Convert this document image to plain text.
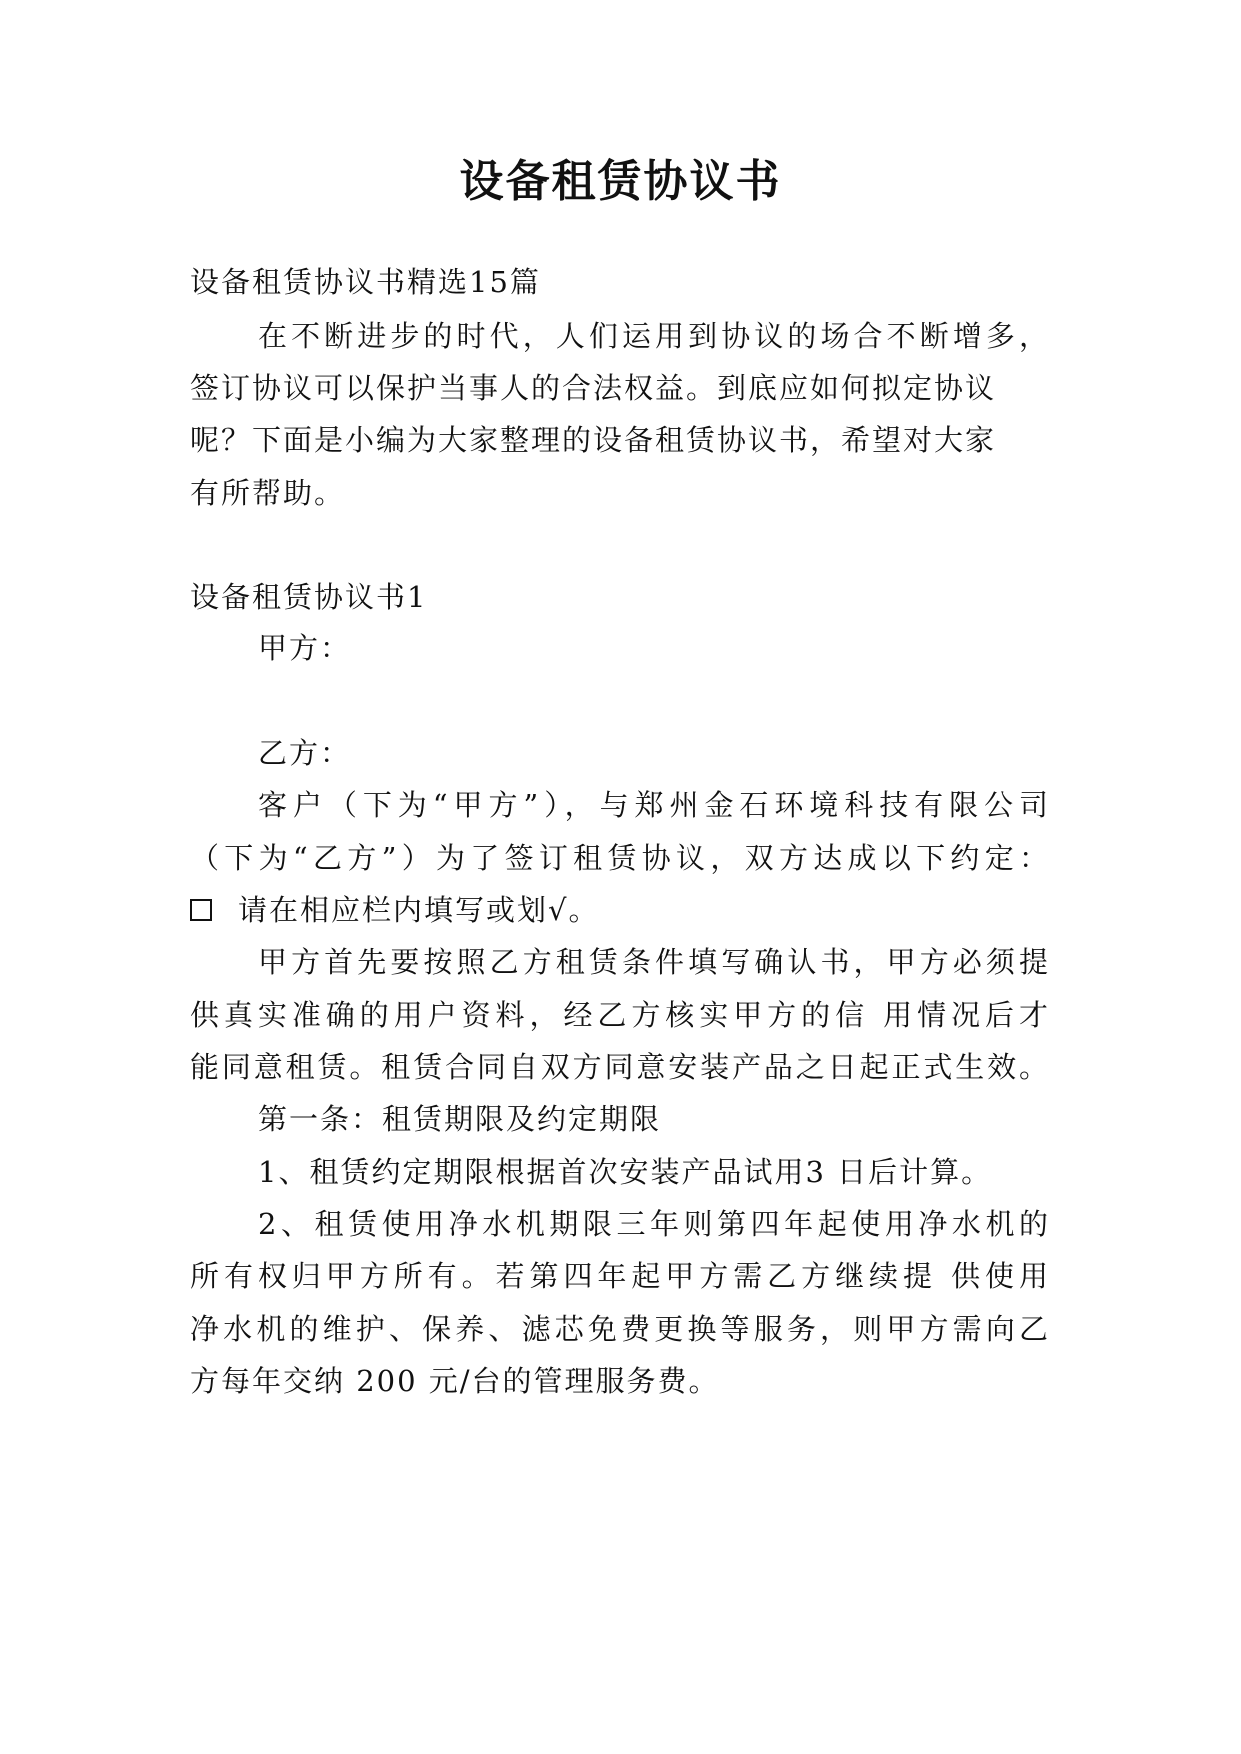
设备租赁协议书

设备租赁协议书精选15篇

在不断进步的时代，人们运用到协议的场合不断增多，

签订协议可以保护当事人的合法权益。到底应如何拟定协议

呢？下面是小编为大家整理的设备租赁协议书，希望对大家

有所帮助。

设备租赁协议书1

甲方：

乙方：

客户（下为“甲方”），与郑州金石环境科技有限公司

（下为“乙方”）为了签订租赁协议，双方达成以下约定：

请在相应栏内填写或划√。

甲方首先要按照乙方租赁条件填写确认书，甲方必须提

供真实准确的用户资料，经乙方核实甲方的信 用情况后才

能同意租赁。租赁合同自双方同意安装产品之日起正式生效。

第一条：租赁期限及约定期限

1、租赁约定期限根据首次安装产品试用3 日后计算。

2、租赁使用净水机期限三年则第四年起使用净水机的

所有权归甲方所有。若第四年起甲方需乙方继续提 供使用

净水机的维护、保养、滤芯免费更换等服务，则甲方需向乙

方每年交纳 200 元/台的管理服务费。
